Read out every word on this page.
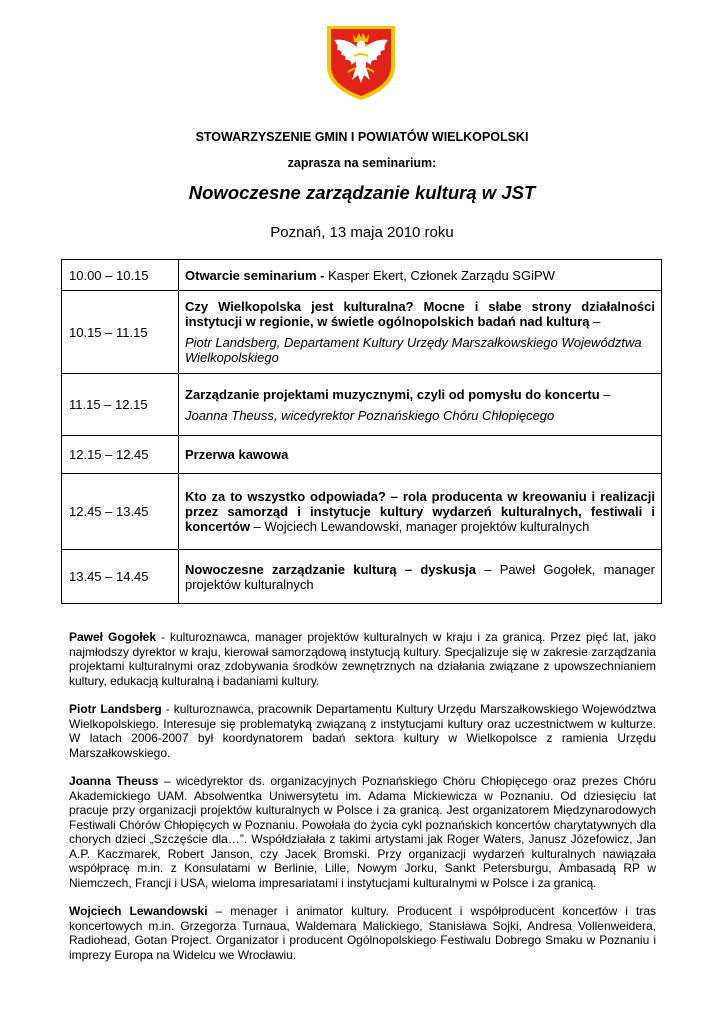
STOWARZYSZENIE GMIN I POWIATÓW WIELKOPOLSKI
zaprasza na seminarium:
Nowoczesne zarządzanie kulturą w JST
Poznań, 13 maja 2010 roku
10.00 – 10.15	Otwarcie seminarium - Kasper Ekert, Członek Zarządu SGiPW

10.15 – 11.15	Czy Wielkopolska jest kulturalna? Mocne i słabe strony działalności instytucji w regionie, w świetle ogólnopolskich badań nad kulturą –

Piotr Landsberg, Departament Kultury Urzędy Marszałkowskiego Województwa Wielkopolskiego

11.15 – 12.15	Zarządzanie projektami muzycznymi, czyli od pomysłu do koncertu –

Joanna Theuss, wicedyrektor Poznańskiego Chóru Chłopięcego

12.15 – 12.45	Przerwa kawowa

12.45 – 13.45	Kto za to wszystko odpowiada? – rola producenta w kreowaniu i realizacji przez samorząd i instytucje kultury wydarzeń kulturalnych, festiwali i koncertów – Wojciech Lewandowski, manager projektów kulturalnych

13.45 – 14.45	Nowoczesne zarządzanie kulturą – dyskusja – Paweł Gogołek, manager projektów kulturalnych

Paweł Gogołek - kulturoznawca, manager projektów kulturalnych w kraju i za granicą. Przez pięć lat, jako najmłodszy dyrektor w kraju, kierował samorządową instytucją kultury. Specjalizuje się w zakresie zarządzania projektami kulturalnymi oraz zdobywania środków zewnętrznych na działania związane z upowszechnianiem kultury, edukacją kulturalną i badaniami kultury.

Piotr Landsberg - kulturoznawca, pracownik Departamentu Kultury Urzędu Marszałkowskiego Województwa Wielkopolskiego. Interesuje się problematyką związaną z instytucjami kultury oraz uczestnictwem w kulturze. W latach 2006-2007 był koordynatorem badań sektora kultury w Wielkopolsce z ramienia Urzędu Marszałkowskiego.

Joanna Theuss – wicedyrektor ds. organizacyjnych Poznańskiego Chóru Chłopięcego oraz prezes Chóru Akademickiego UAM. Absolwentka Uniwersytetu im. Adama Mickiewicza w Poznaniu. Od dziesięciu lat pracuje przy organizacji projektów kulturalnych w Polsce i za granicą. Jest organizatorem Międzynarodowych Festiwali Chórów Chłopięcych w Poznaniu. Powołała do życia cykl poznańskich koncertów charytatywnych dla chorych dzieci „Szczęście dla…”. Współdziałała z takimi artystami jak Roger Waters, Janusz Józefowicz, Jan A.P. Kaczmarek, Robert Janson, czy Jacek Bromski. Przy organizacji wydarzeń kulturalnych nawiązała współpracę m.in. z Konsulatami w Berlinie, Lille, Nowym Jorku, Sankt Petersburgu, Ambasadą RP w Niemczech, Francji i USA, wieloma impresariatami i instytucjami kulturalnymi w Polsce i za granicą.

Wojciech Lewandowski – menager i animator kultury. Producent i współproducent koncertów i tras koncertowych m.in. Grzegorza Turnaua, Waldemara Malickiego, Stanisława Sojki, Andresa Vollenweidera, Radiohead, Gotan Project. Organizator i producent Ogólnopolskiego Festiwalu Dobrego Smaku w Poznaniu i imprezy Europa na Widelcu we Wrocławiu.
